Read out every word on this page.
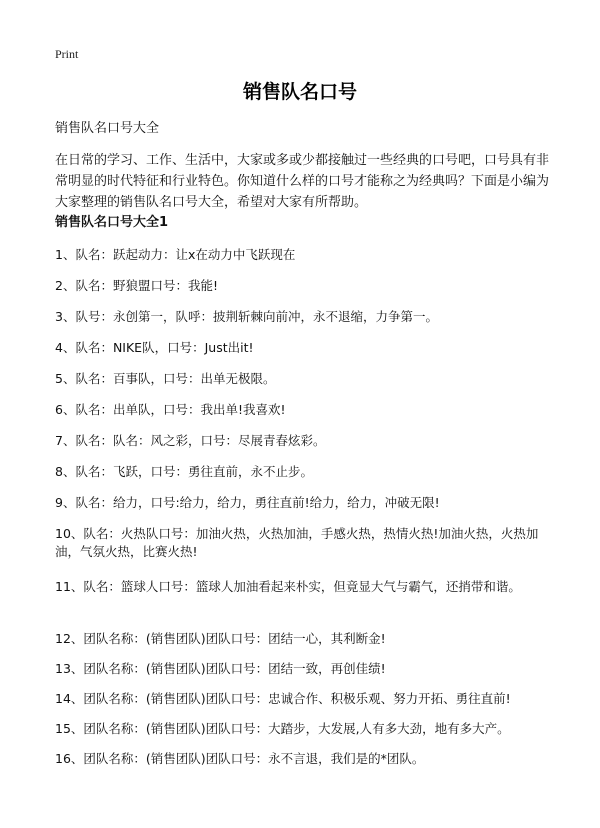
Print
销售队名口号
销售队名口号大全
在日常的学习、工作、生活中，大家或多或少都接触过一些经典的口号吧，口号具有非常明显的时代特征和行业特色。你知道什么样的口号才能称之为经典吗？下面是小编为大家整理的销售队名口号大全，希望对大家有所帮助。
销售队名口号大全1
1、队名：跃起动力：让x在动力中飞跃现在
2、队名：野狼盟口号：我能!
3、队号：永创第一，队呼：披荆斩棘向前冲，永不退缩，力争第一。
4、队名：NIKE队，口号：Just出it!
5、队名：百事队，口号：出单无极限。
6、队名：出单队，口号：我出单!我喜欢!
7、队名：队名：风之彩，口号：尽展青春炫彩。
8、队名：飞跃，口号：勇往直前，永不止步。
9、队名：给力，口号:给力，给力，勇往直前!给力，给力，冲破无限!
10、队名：火热队口号：加油火热，火热加油，手感火热，热情火热!加油火热，火热加油，气氛火热，比赛火热!
11、队名：篮球人口号：篮球人加油看起来朴实，但竟显大气与霸气，还捎带和谐。
12、团队名称：(销售团队)团队口号：团结一心，其利断金!
13、团队名称：(销售团队)团队口号：团结一致，再创佳绩!
14、团队名称：(销售团队)团队口号：忠诚合作、积极乐观、努力开拓、勇往直前!
15、团队名称：(销售团队)团队口号：大踏步，大发展,人有多大劲，地有多大产。
16、团队名称：(销售团队)团队口号：永不言退，我们是的*团队。
